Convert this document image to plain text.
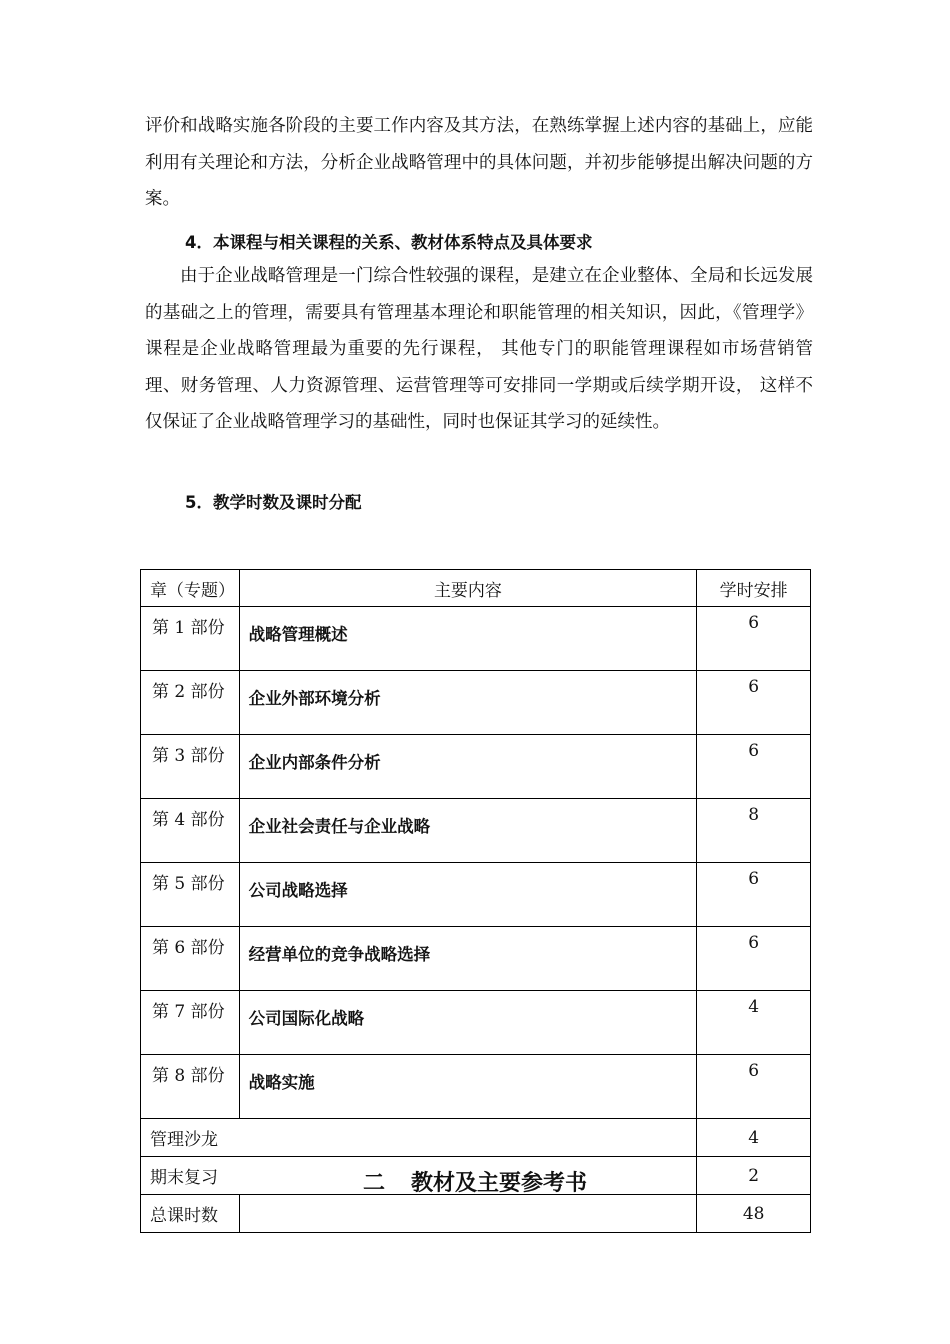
评价和战略实施各阶段的主要工作内容及其方法，在熟练掌握上述内容的基础上，应能利用有关理论和方法，分析企业战略管理中的具体问题，并初步能够提出解决问题的方案。

4．本课程与相关课程的关系、教材体系特点及具体要求

由于企业战略管理是一门综合性较强的课程，是建立在企业整体、全局和长远发展的基础之上的管理，需要具有管理基本理论和职能管理的相关知识，因此，《管理学》课程是企业战略管理最为重要的先行课程， 其他专门的职能管理课程如市场营销管理、财务管理、人力资源管理、运营管理等可安排同一学期或后续学期开设， 这样不仅保证了企业战略管理学习的基础性，同时也保证其学习的延续性。

5．教学时数及课时分配

章（专题）	主要内容	学时安排
第 1 部份	战略管理概述	6
第 2 部份	企业外部环境分析	6
第 3 部份	企业内部条件分析	6
第 4 部份	企业社会责任与企业战略	8
第 5 部份	公司战略选择	6
第 6 部份	经营单位的竞争战略选择	6
第 7 部份	公司国际化战略	4
第 8 部份	战略实施	6
管理沙龙		4
期末复习		2
总课时数		48
二 教材及主要参考书
